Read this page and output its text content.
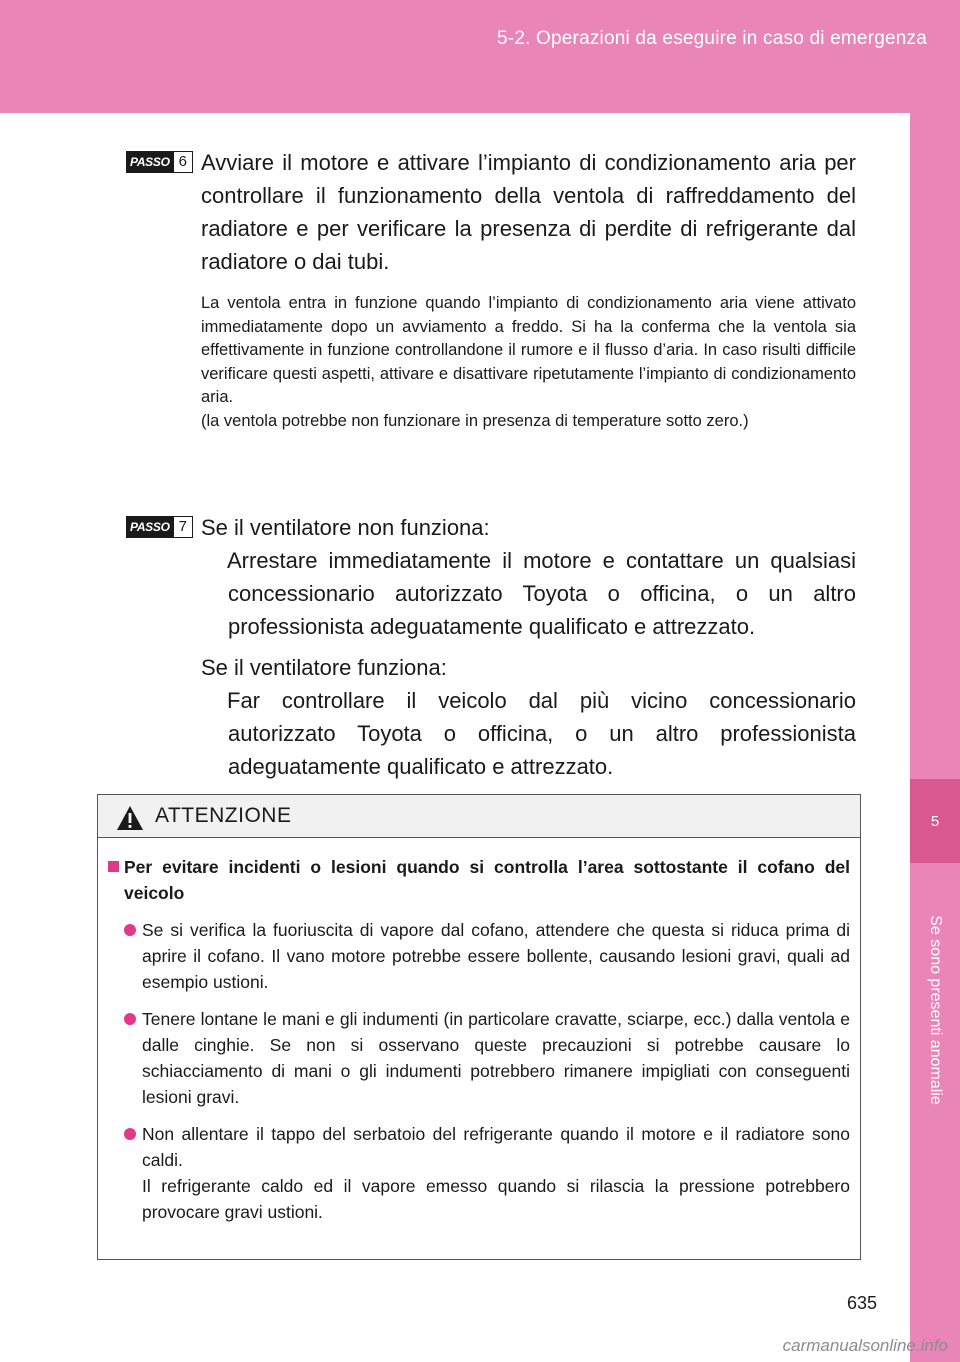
5-2. Operazioni da eseguire in caso di emergenza
5
Se sono presenti anomalie
PASSO 6 Avviare il motore e attivare l’impianto di condizionamento aria per controllare il funzionamento della ventola di raffreddamento del radiatore e per verificare la presenza di perdite di refrigerante dal radiatore o dai tubi.
La ventola entra in funzione quando l’impianto di condizionamento aria viene attivato immediatamente dopo un avviamento a freddo. Si ha la conferma che la ventola sia effettivamente in funzione controllandone il rumore e il flusso d’aria. In caso risulti difficile verificare questi aspetti, attivare e disattivare ripetutamente l’impianto di condizionamento aria.
(la ventola potrebbe non funzionare in presenza di temperature sotto zero.)
PASSO 7 Se il ventilatore non funziona:
Arrestare immediatamente il motore e contattare un qualsiasi concessionario autorizzato Toyota o officina, o un altro professionista adeguatamente qualificato e attrezzato.
Se il ventilatore funziona:
Far controllare il veicolo dal più vicino concessionario autorizzato Toyota o officina, o un altro professionista adeguatamente qualificato e attrezzato.
ATTENZIONE
Per evitare incidenti o lesioni quando si controlla l’area sottostante il cofano del veicolo
Se si verifica la fuoriuscita di vapore dal cofano, attendere che questa si riduca prima di aprire il cofano. Il vano motore potrebbe essere bollente, causando lesioni gravi, quali ad esempio ustioni.
Tenere lontane le mani e gli indumenti (in particolare cravatte, sciarpe, ecc.) dalla ventola e dalle cinghie. Se non si osservano queste precauzioni si potrebbe causare lo schiacciamento di mani o gli indumenti potrebbero rimanere impigliati con conseguenti lesioni gravi.
Non allentare il tappo del serbatoio del refrigerante quando il motore e il radiatore sono caldi.
Il refrigerante caldo ed il vapore emesso quando si rilascia la pressione potrebbero provocare gravi ustioni.
635
carmanualsonline.info
